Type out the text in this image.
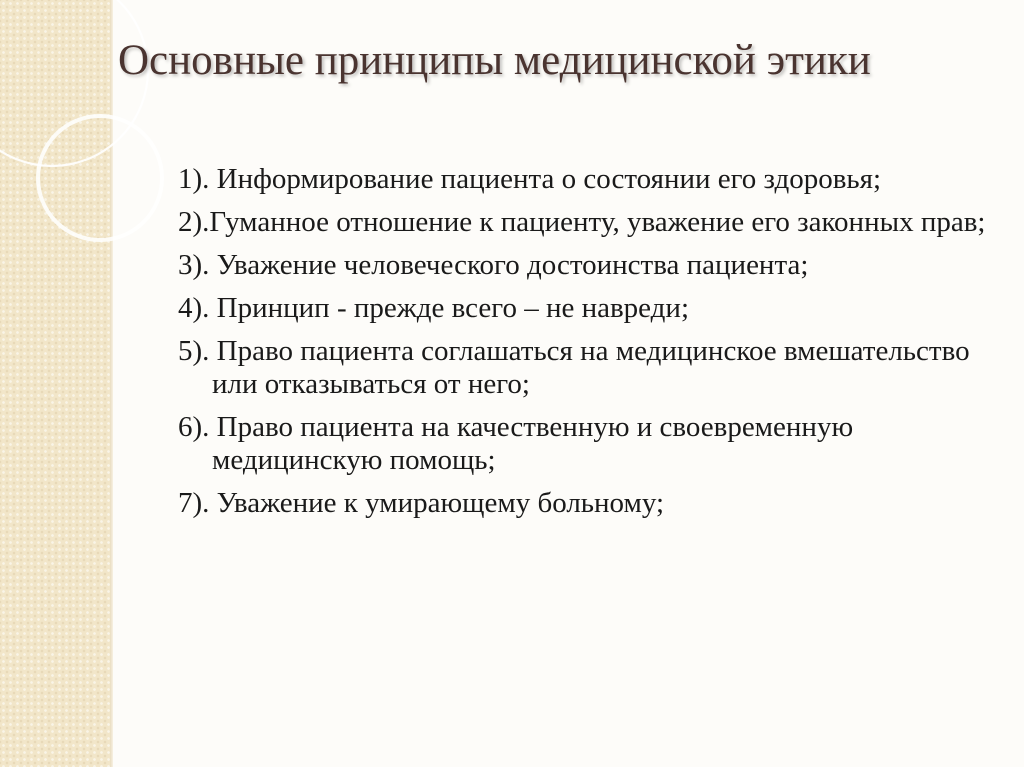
Основные принципы медицинской этики
1). Информирование пациента о состоянии его здоровья;
2).Гуманное отношение к пациенту, уважение его законных прав;
3). Уважение человеческого достоинства пациента;
4). Принцип - прежде всего – не навреди;
5). Право пациента соглашаться на медицинское вмешательство или отказываться от него;
6). Право пациента на качественную и своевременную медицинскую помощь;
7). Уважение к умирающему больному;
